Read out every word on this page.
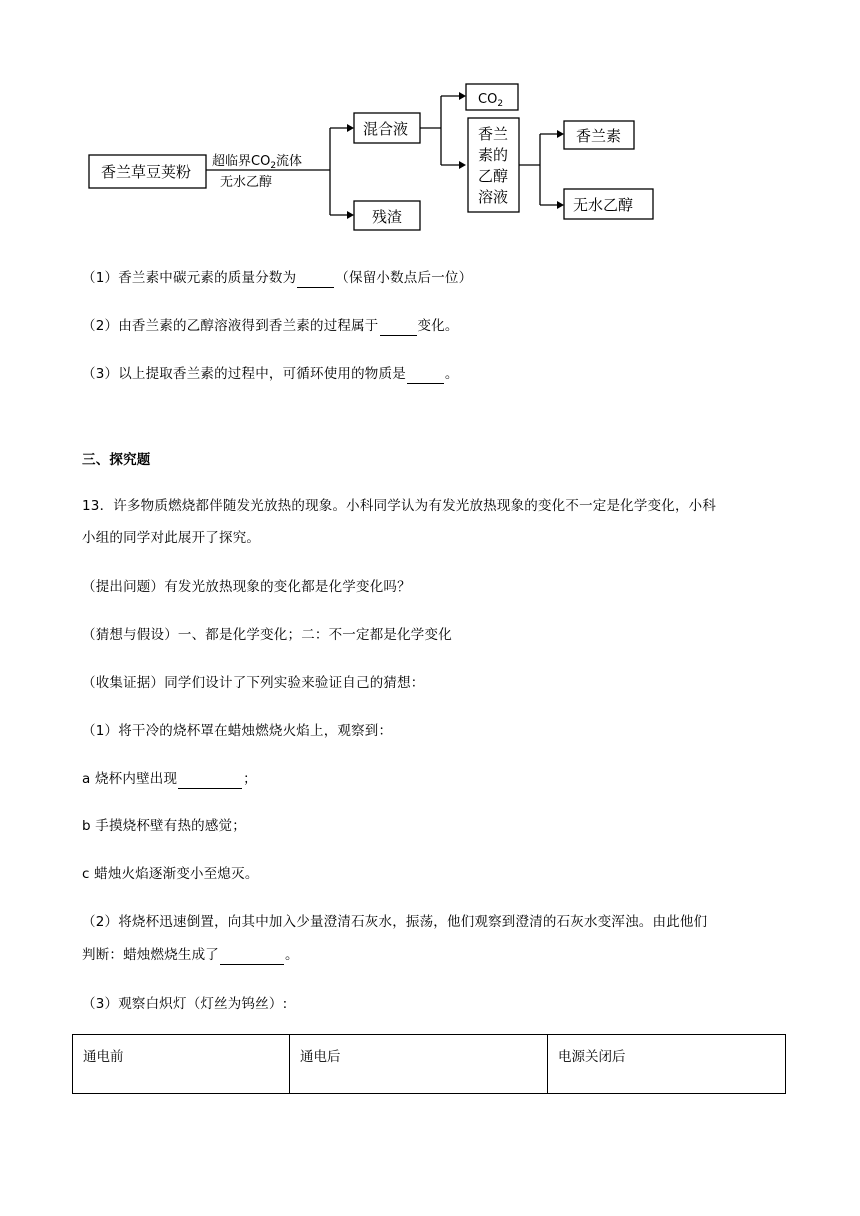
香兰草豆荚粉
超临界$CO_2$流体
无水乙醇
混合液
残渣
$CO_2$
香兰
素的
乙醇
溶液
香兰素
无水乙醇
（1）香兰素中碳元素的质量分数为	（保留小数点后一位）
（2）由香兰素的乙醇溶液得到香兰素的过程属于	变化。
（3）以上提取香兰素的过程中，可循环使用的物质是	。
三、探究题
13．许多物质燃烧都伴随发光放热的现象。小科同学认为有发光放热现象的变化不一定是化学变化，小科
小组的同学对此展开了探究。
（提出问题）有发光放热现象的变化都是化学变化吗？
（猜想与假设）一、都是化学变化；二：不一定都是化学变化
（收集证据）同学们设计了下列实验来验证自己的猜想：
（1）将干冷的烧杯罩在蜡烛燃烧火焰上，观察到：
a 烧杯内壁出现	；
b 手摸烧杯壁有热的感觉；
c 蜡烛火焰逐渐变小至熄灭。
（2）将烧杯迅速倒置，向其中加入少量澄清石灰水，振荡，他们观察到澄清的石灰水变浑浊。由此他们
判断：蜡烛燃烧生成了	。
（3）观察白炽灯（灯丝为钨丝）:
通电前	通电后	电源关闭后
